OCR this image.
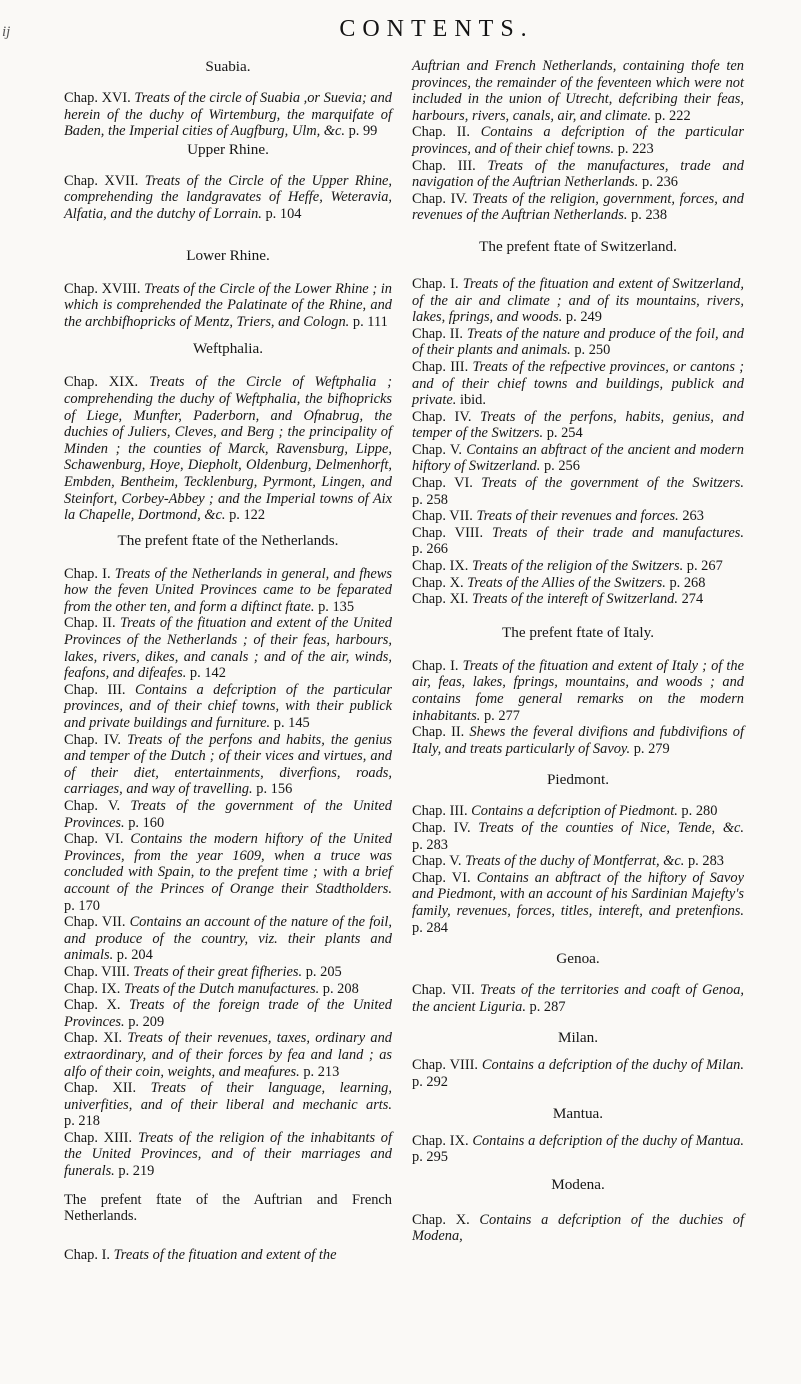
ij	CONTENTS.
Suabia.
Chap. XVI. Treats of the circle of Suabia ,or Suevia; and herein of the duchy of Wirtemburg, the marquifate of Baden, the Imperial cities of Augfburg, Ulm, &c. p. 99
Upper Rhine.
Chap. XVII. Treats of the Circle of the Upper Rhine, comprehending the landgravates of Heffe, Weteravia, Alfatia, and the dutchy of Lorrain. p. 104
Lower Rhine.
Chap. XVIII. Treats of the Circle of the Lower Rhine ; in which is comprehended the Palatinate of the Rhine, and the archbifhopricks of Mentz, Triers, and Cologn. p. 111
Weftphalia.
Chap. XIX. Treats of the Circle of Weftphalia ; comprehending the duchy of Weftphalia, the bifhopricks of Liege, Munfter, Paderborn, and Ofnabrug, the duchies of Juliers, Cleves, and Berg ; the principality of Minden ; the counties of Marck, Ravensburg, Lippe, Schawenburg, Hoye, Diepholt, Oldenburg, Delmenhorft, Embden, Bentheim, Tecklenburg, Pyrmont, Lingen, and Steinfort, Corbey-Abbey ; and the Imperial towns of Aix la Chapelle, Dortmond, &c. p. 122
The prefent ftate of the Netherlands.
Chap. I. Treats of the Netherlands in general, and fhews how the feven United Provinces came to be feparated from the other ten, and form a diftinct ftate. p. 135
Chap. II. Treats of the fituation and extent of the United Provinces of the Netherlands ; of their feas, harbours, lakes, rivers, dikes, and canals ; and of the air, winds, feafons, and difeafes. p. 142
Chap. III. Contains a defcription of the particular provinces, and of their chief towns, with their publick and private buildings and furniture. p. 145
Chap. IV. Treats of the perfons and habits, the genius and temper of the Dutch ; of their vices and virtues, and of their diet, entertainments, diverfions, roads, carriages, and way of travelling. p. 156
Chap. V. Treats of the government of the United Provinces. p. 160
Chap. VI. Contains the modern hiftory of the United Provinces, from the year 1609, when a truce was concluded with Spain, to the prefent time ; with a brief account of the Princes of Orange their Stadtholders. p. 170
Chap. VII. Contains an account of the nature of the foil, and produce of the country, viz. their plants and animals. p. 204
Chap. VIII. Treats of their great fifheries. p. 205
Chap. IX. Treats of the Dutch manufactures. p. 208
Chap. X. Treats of the foreign trade of the United Provinces. p. 209
Chap. XI. Treats of their revenues, taxes, ordinary and extraordinary, and of their forces by fea and land ; as alfo of their coin, weights, and meafures. p. 213
Chap. XII. Treats of their language, learning, univerfities, and of their liberal and mechanic arts. p. 218
Chap. XIII. Treats of the religion of the inhabitants of the United Provinces, and of their marriages and funerals. p. 219
The prefent ftate of the Auftrian and French Netherlands.
Chap. I. Treats of the fituation and extent of the
Auftrian and French Netherlands, containing thofe ten provinces, the remainder of the feventeen which were not included in the union of Utrecht, defcribing their feas, harbours, rivers, canals, air, and climate. p. 222
Chap. II. Contains a defcription of the particular provinces, and of their chief towns. p. 223
Chap. III. Treats of the manufactures, trade and navigation of the Auftrian Netherlands. p. 236
Chap. IV. Treats of the religion, government, forces, and revenues of the Auftrian Netherlands. p. 238
The prefent ftate of Switzerland.
Chap. I. Treats of the fituation and extent of Switzerland, of the air and climate ; and of its mountains, rivers, lakes, fprings, and woods. p. 249
Chap. II. Treats of the nature and produce of the foil, and of their plants and animals. p. 250
Chap. III. Treats of the refpective provinces, or cantons ; and of their chief towns and buildings, publick and private. ibid.
Chap. IV. Treats of the perfons, habits, genius, and temper of the Switzers. p. 254
Chap. V. Contains an abftract of the ancient and modern hiftory of Switzerland. p. 256
Chap. VI. Treats of the government of the Switzers. p. 258
Chap. VII. Treats of their revenues and forces. 263
Chap. VIII. Treats of their trade and manufactures. p. 266
Chap. IX. Treats of the religion of the Switzers. p. 267
Chap. X. Treats of the Allies of the Switzers. p. 268
Chap. XI. Treats of the intereft of Switzerland. 274
The prefent ftate of Italy.
Chap. I. Treats of the fituation and extent of Italy ; of the air, feas, lakes, fprings, mountains, and woods ; and contains fome general remarks on the modern inhabitants. p. 277
Chap. II. Shews the feveral divifions and fubdivifions of Italy, and treats particularly of Savoy. p. 279
Piedmont.
Chap. III. Contains a defcription of Piedmont. p. 280
Chap. IV. Treats of the counties of Nice, Tende, &c. p. 283
Chap. V. Treats of the duchy of Montferrat, &c. p. 283
Chap. VI. Contains an abftract of the hiftory of Savoy and Piedmont, with an account of his Sardinian Majefty's family, revenues, forces, titles, intereft, and pretenfions. p. 284
Genoa.
Chap. VII. Treats of the territories and coaft of Genoa, the ancient Liguria. p. 287
Milan.
Chap. VIII. Contains a defcription of the duchy of Milan. p. 292
Mantua.
Chap. IX. Contains a defcription of the duchy of Mantua. p. 295
Modena.
Chap. X. Contains a defcription of the duchies of Modena,
